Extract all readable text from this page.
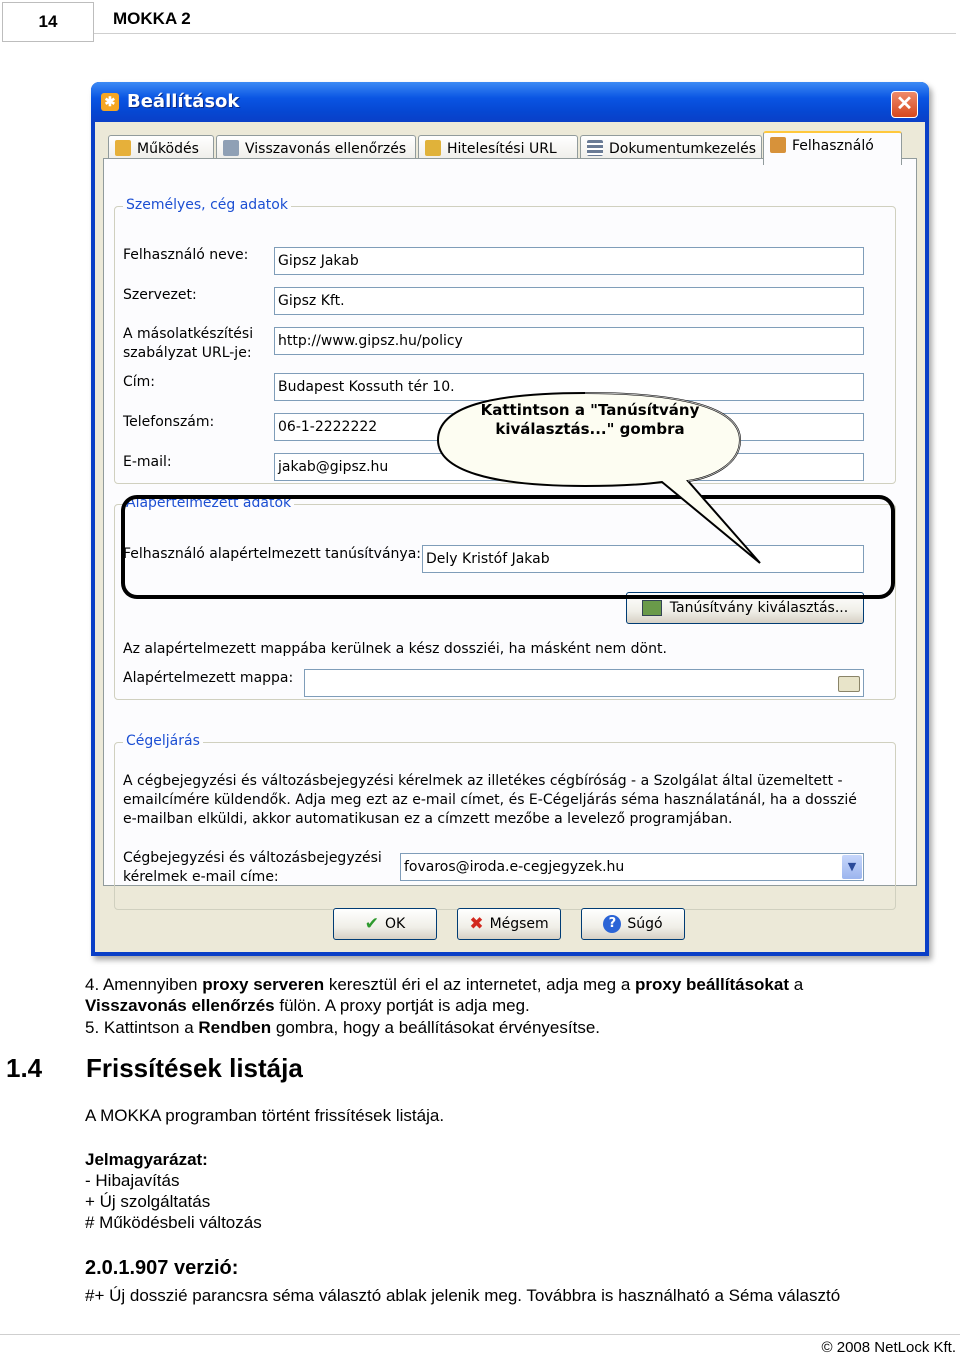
14	MOKKA 2
✱ Beállítások	✕
Működés	Visszavonás ellenőrzés	Hitelesítési URL	Dokumentumkezelés	Felhasználó
Személyes, cég adatok
Felhasználó neve: Gipsz Jakab
Szervezet:	Gipsz Kft.
A másolatkészítési szabályzat URL-je:
http://www.gipsz.hu/policy
Cím:	Budapest Kossuth tér 10.
Telefonszám:	06-1-2222222
E-mail:	jakab@gipsz.hu
Alapértelmezett adatok
Felhasználó alapértelmezett tanúsítványa: Dely Kristóf Jakab
Tanúsítvány kiválasztás...
Az alapértelmezett mappába kerülnek a kész dossziéi, ha másként nem dönt.
Alapértelmezett mappa:
Cégeljárás
A cégbejegyzési és változásbejegyzési kérelmek az illetékes cégbíróság - a Szolgálat által üzemeltett -
emailcímére küldendők. Adja meg ezt az e-mail címet, és E-Cégeljárás séma használatánál, ha a dosszié
e-mailban elküldi, akkor automatikusan ez a címzett mezőbe a levelező programjában.
Cégbejegyzési és változásbejegyzési kérelmek e-mail címe:
fovaros@iroda.e-cegjegyzek.hu	▼
✔ OK	✖ Mégsem	? Súgó
Kattintson a "Tanúsítvány kiválasztás..." gombra
4. Amennyiben proxy serveren keresztül éri el az internetet, adja meg a proxy beállításokat a
Visszavonás ellenőrzés fülön. A proxy portját is adja meg.
5. Kattintson a Rendben gombra, hogy a beállításokat érvényesítse.
1.4 Frissítések listája
A MOKKA programban történt frissítések listája.
Jelmagyarázat:
- Hibajavítás
+ Új szolgáltatás
# Működésbeli változás
2.0.1.907 verzió:
#+ Új dosszié parancsra séma választó ablak jelenik meg. Továbbra is használható a Séma választó
© 2008 NetLock Kft.
